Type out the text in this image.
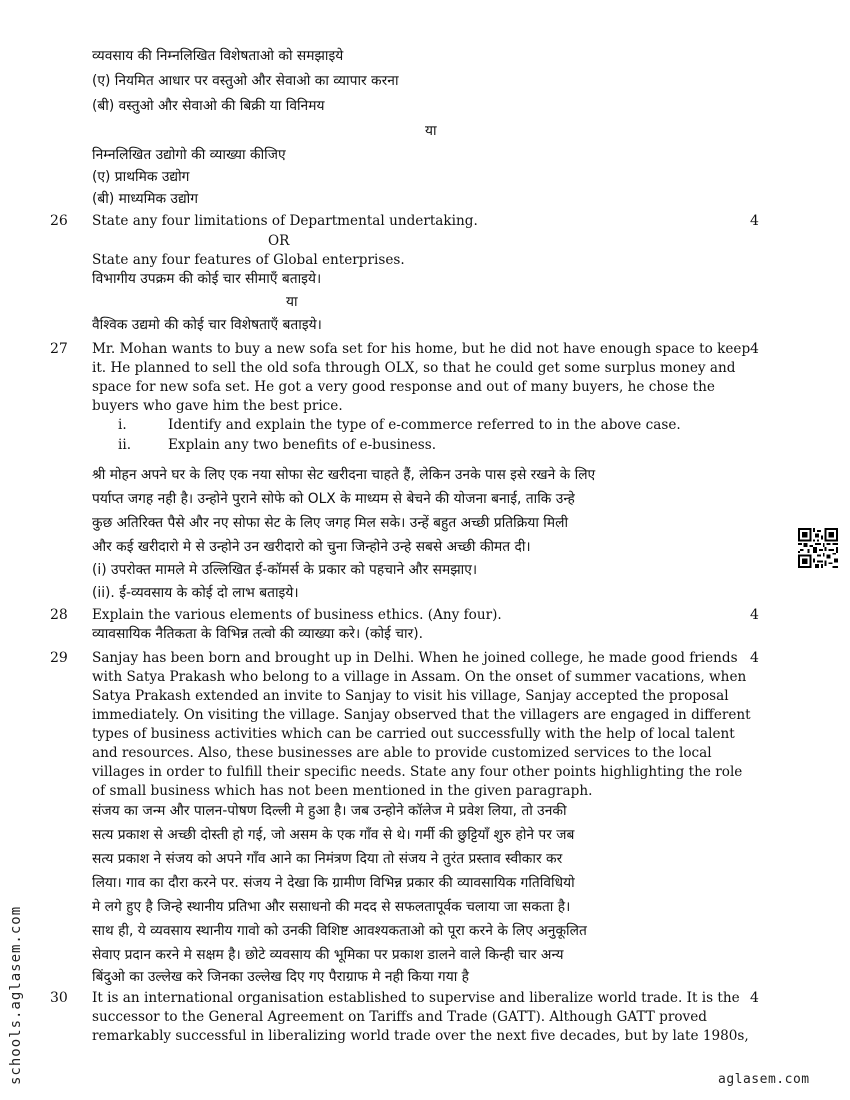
व्यवसाय की निम्नलिखित विशेषताओ को समझाइये
(ए) नियमित आधार पर वस्तुओ और सेवाओ का व्यापार करना
(बी) वस्तुओ और सेवाओ की बिक्री या विनिमय
या
निम्नलिखित उद्योगो की व्याख्या कीजिए
(ए) प्राथमिक उद्योग
(बी) माध्यमिक उद्योग
26	4
State any four limitations of Departmental undertaking.
OR
State any four features of Global enterprises.
विभागीय उपक्रम की कोई चार सीमाएँ बताइये।
या
वैश्विक उद्यमो की कोई चार विशेषताएँ बताइये।
27	4
Mr. Mohan wants to buy a new sofa set for his home, but he did not have enough space to keep
it. He planned to sell the old sofa through OLX, so that he could get some surplus money and
space for new sofa set. He got a very good response and out of many buyers, he chose the
buyers who gave him the best price.
i.	Identify and explain the type of e-commerce referred to in the above case.
ii.	Explain any two benefits of e-business.
श्री मोहन अपने घर के लिए एक नया सोफा सेट खरीदना चाहते हैं, लेकिन उनके पास इसे रखने के लिए
पर्याप्त जगह नही है। उन्होने पुराने सोफे को OLX के माध्यम से बेचने की योजना बनाई, ताकि उन्हे
कुछ अतिरिक्त पैसे और नए सोफा सेट के लिए जगह मिल सके। उन्हें बहुत अच्छी प्रतिक्रिया मिली
और कई खरीदारो मे से उन्होने उन खरीदारो को चुना जिन्होने उन्हे सबसे अच्छी कीमत दी।
(i) उपरोक्त मामले मे उल्लिखित ई-कॉमर्स के प्रकार को पहचाने और समझाए।
(ii). ई-व्यवसाय के कोई दो लाभ बताइये।
28	4
Explain the various elements of business ethics. (Any four).
व्यावसायिक नैतिकता के विभिन्न तत्वो की व्याख्या करे। (कोई चार).
29	4
Sanjay has been born and brought up in Delhi. When he joined college, he made good friends
with Satya Prakash who belong to a village in Assam. On the onset of summer vacations, when
Satya Prakash extended an invite to Sanjay to visit his village, Sanjay accepted the proposal
immediately. On visiting the village. Sanjay observed that the villagers are engaged in different
types of business activities which can be carried out successfully with the help of local talent
and resources. Also, these businesses are able to provide customized services to the local
villages in order to fulfill their specific needs. State any four other points highlighting the role
of small business which has not been mentioned in the given paragraph.
संजय का जन्म और पालन-पोषण दिल्ली मे हुआ है। जब उन्होने कॉलेज मे प्रवेश लिया, तो उनकी
सत्य प्रकाश से अच्छी दोस्ती हो गई, जो असम के एक गाँव से थे। गर्मी की छुट्टियाँ शुरु होने पर जब
सत्य प्रकाश ने संजय को अपने गाँव आने का निमंत्रण दिया तो संजय ने तुरंत प्रस्ताव स्वीकार कर
लिया। गाव का दौरा करने पर. संजय ने देखा कि ग्रामीण विभिन्न प्रकार की व्यावसायिक गतिविधियो
मे लगे हुए है जिन्हे स्थानीय प्रतिभा और ससाधनो की मदद से सफलतापूर्वक चलाया जा सकता है।
साथ ही, ये व्यवसाय स्थानीय गावो को उनकी विशिष्ट आवश्यकताओ को पूरा करने के लिए अनुकूलित
सेवाए प्रदान करने मे सक्षम है। छोटे व्यवसाय की भूमिका पर प्रकाश डालने वाले किन्ही चार अन्य
बिंदुओ का उल्लेख करे जिनका उल्लेख दिए गए पैराग्राफ मे नही किया गया है
30	4
It is an international organisation established to supervise and liberalize world trade. It is the
successor to the General Agreement on Tariffs and Trade (GATT). Although GATT proved
remarkably successful in liberalizing world trade over the next five decades, but by late 1980s,
schools.aglasem.com	aglasem.com
